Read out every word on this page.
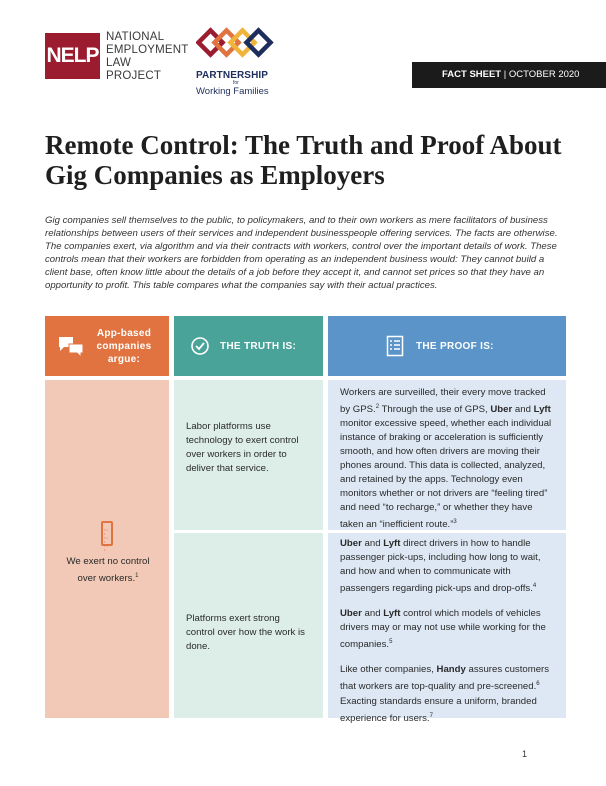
NELP
NATIONAL
EMPLOYMENT
LAW
PROJECT	PARTNERSHIP
for
Working Families
FACT SHEET | OCTOBER 2020
Remote Control: The Truth and Proof About Gig Companies as Employers
Gig companies sell themselves to the public, to policymakers, and to their own workers as mere facilitators of business relationships between users of their services and independent businesspeople offering services. The facts are otherwise. The companies exert, via algorithm and via their contracts with workers, control over the important details of work. These controls mean that their workers are forbidden from operating as an independent business would: They cannot build a client base, often know little about the details of a job before they accept it, and cannot set prices so that they have an opportunity to profit. This table compares what the companies say with their actual practices.
App-based companies argue:
THE TRUTH IS:	THE PROOF IS:
• • •
• • •
• • •
We exert no control over workers.$^1$
Labor platforms use technology to exert control over workers in order to deliver that service.
Platforms exert strong control over how the work is done.
Workers are surveilled, their every move tracked by GPS.$^2$ Through the use of GPS, Uber and Lyft monitor excessive speed, whether each individual instance of braking or acceleration is sufficiently smooth, and how often drivers are moving their phones around. This data is collected, analyzed, and retained by the apps. Technology even monitors whether or not drivers are “feeling tired” and need “to recharge,” or whether they have taken an “inefficient route.”$^3$

Uber and Lyft direct drivers in how to handle passenger pick-ups, including how long to wait, and how and when to communicate with passengers regarding pick-ups and drop-offs.$^4$

Uber and Lyft control which models of vehicles drivers may or may not use while working for the companies.$^5$

Like other companies, Handy assures customers that workers are top-quality and pre-screened.$^6$ Exacting standards ensure a uniform, branded experience for users.$^7$

1
